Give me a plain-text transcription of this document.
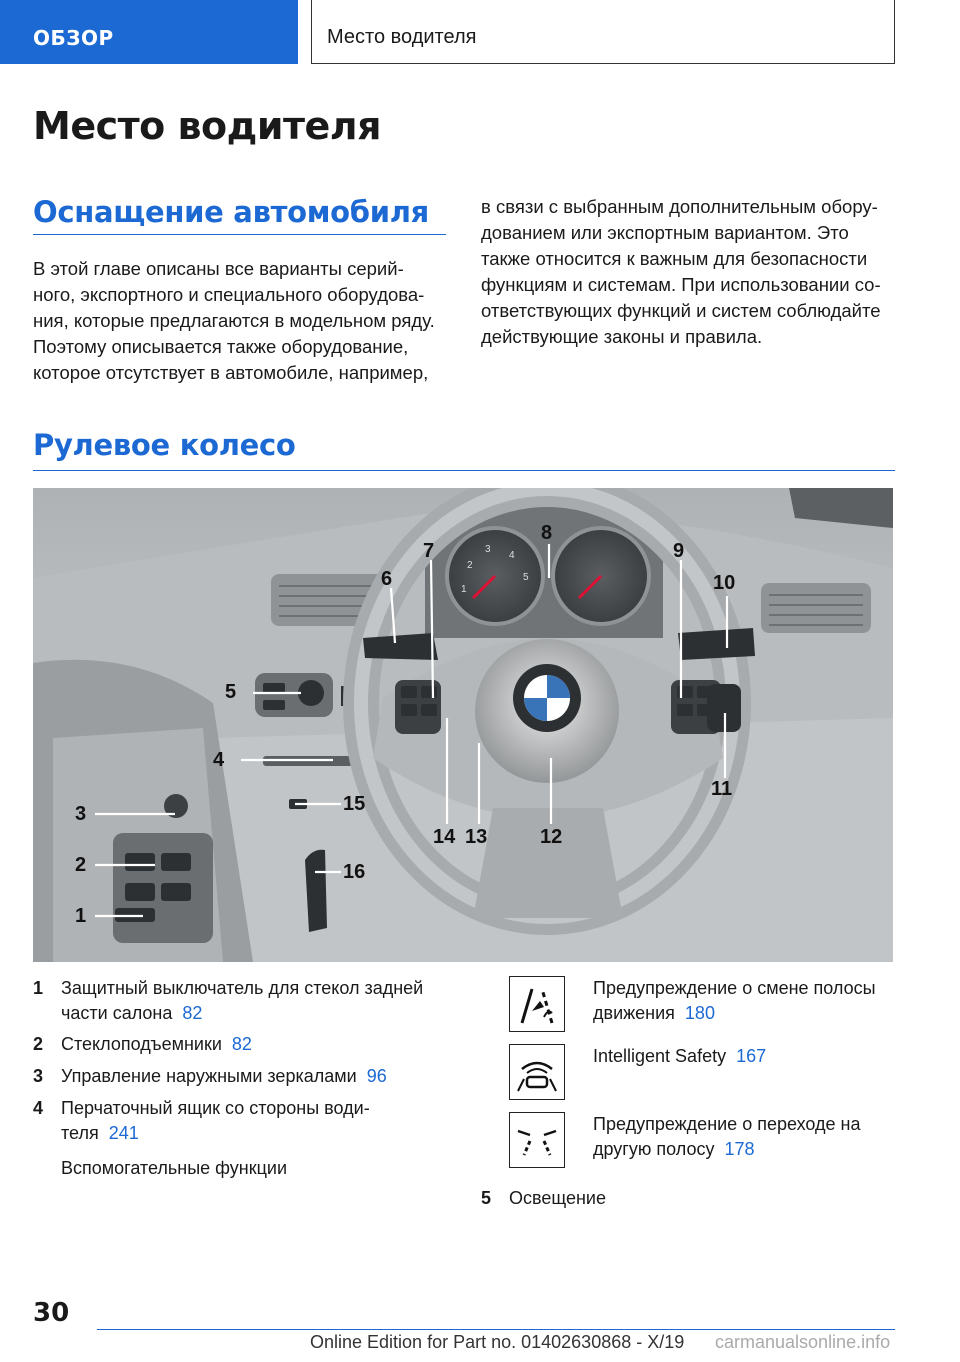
ОБЗОР	Место водителя
Место водителя
Оснащение автомобиля
В этой главе описаны все варианты серий-
ного, экспортного и специального оборудова-
ния, которые предлагаются в модельном ряду.
Поэтому описывается также оборудование,
которое отсутствует в автомобиле, например,
в связи с выбранным дополнительным обору-
дованием или экспортным вариантом. Это
также относится к важным для безопасности
функциям и системам. При использовании со-
ответствующих функций и систем соблюдайте
действующие законы и правила.
Рулевое колесо
1
2
3
4
5
6
7
8
9
10
11
12
13
14
15
16
3
5
1
2
4
1 Защитный выключатель для стекол задней
части салона 82
2 Стеклоподъемники 82
3 Управление наружными зеркалами 96
4 Перчаточный ящик со стороны води-
теля 241
Вспомогательные функции
Предупреждение о смене полосы
движения 180
Intelligent Safety 167
Предупреждение о переходе на
другую полосу 178
5 Освещение
30
Online Edition for Part no. 01402630868 - X/19 carmanualsonline.info
